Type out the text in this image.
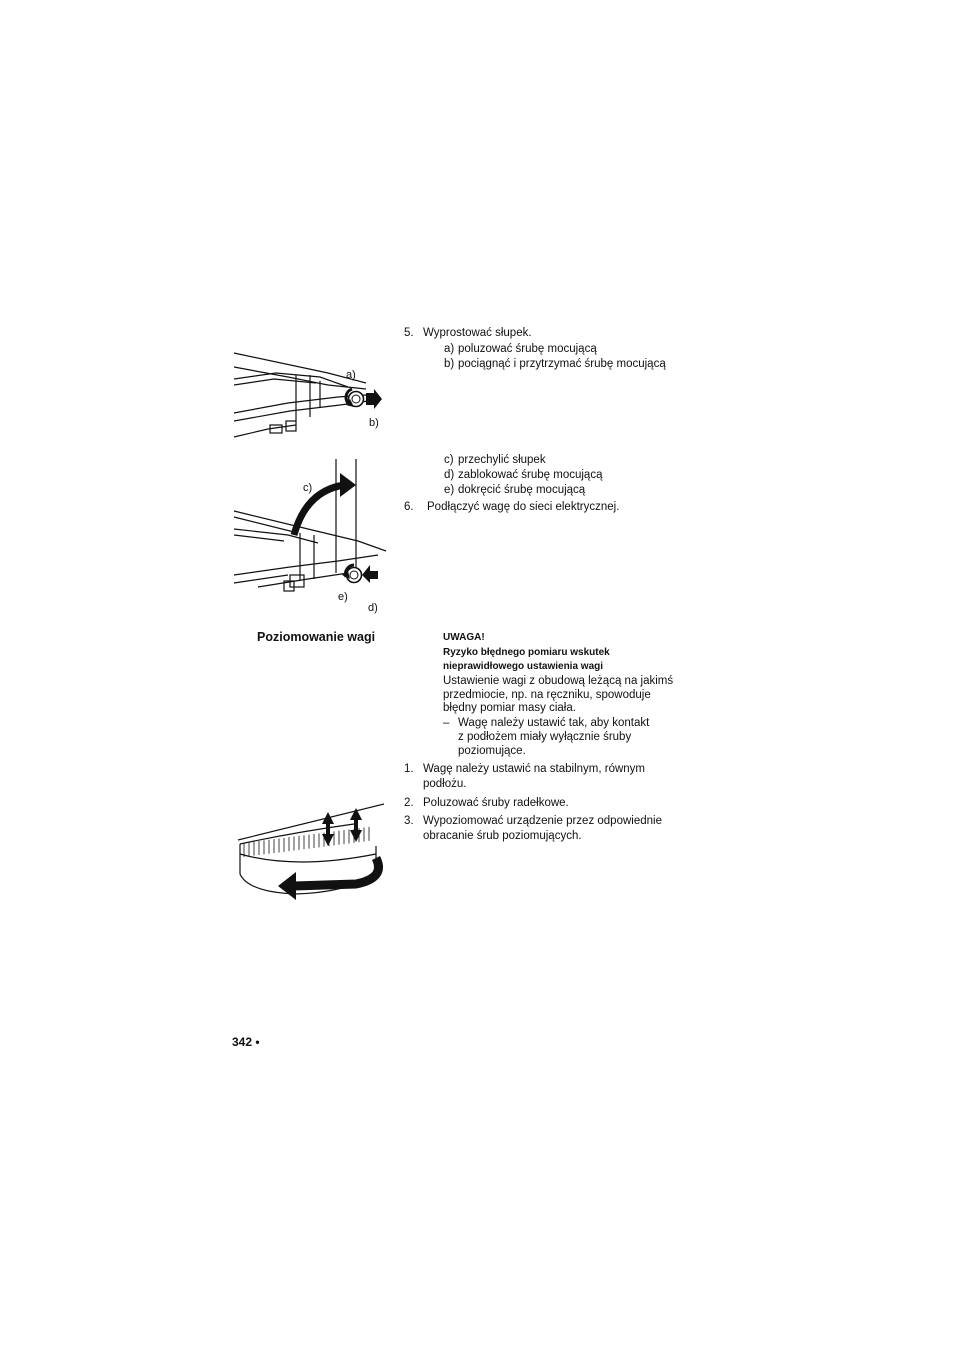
5. Wyprostować słupek.
a) poluzować śrubę mocującą
b) pociągnąć i przytrzymać śrubę mocującą
c) przechylić słupek
d) zablokować śrubę mocującą
e) dokręcić śrubę mocującą
6. Podłączyć wagę do sieci elektrycznej.
a)
b)
c)
e)
d)
Poziomowanie wagi	UWAGA!
Ryzyko błędnego pomiaru wskutek
nieprawidłowego ustawienia wagi
Ustawienie wagi z obudową leżącą na jakimś
przedmiocie, np. na ręczniku, spowoduje
błędny pomiar masy ciała.
– Wagę należy ustawić tak, aby kontakt
z podłożem miały wyłącznie śruby
poziomujące.
1. Wagę należy ustawić na stabilnym, równym
podłożu.
2. Poluzować śruby radełkowe.
3. Wypoziomować urządzenie przez odpowiednie
obracanie śrub poziomujących.
342 •
